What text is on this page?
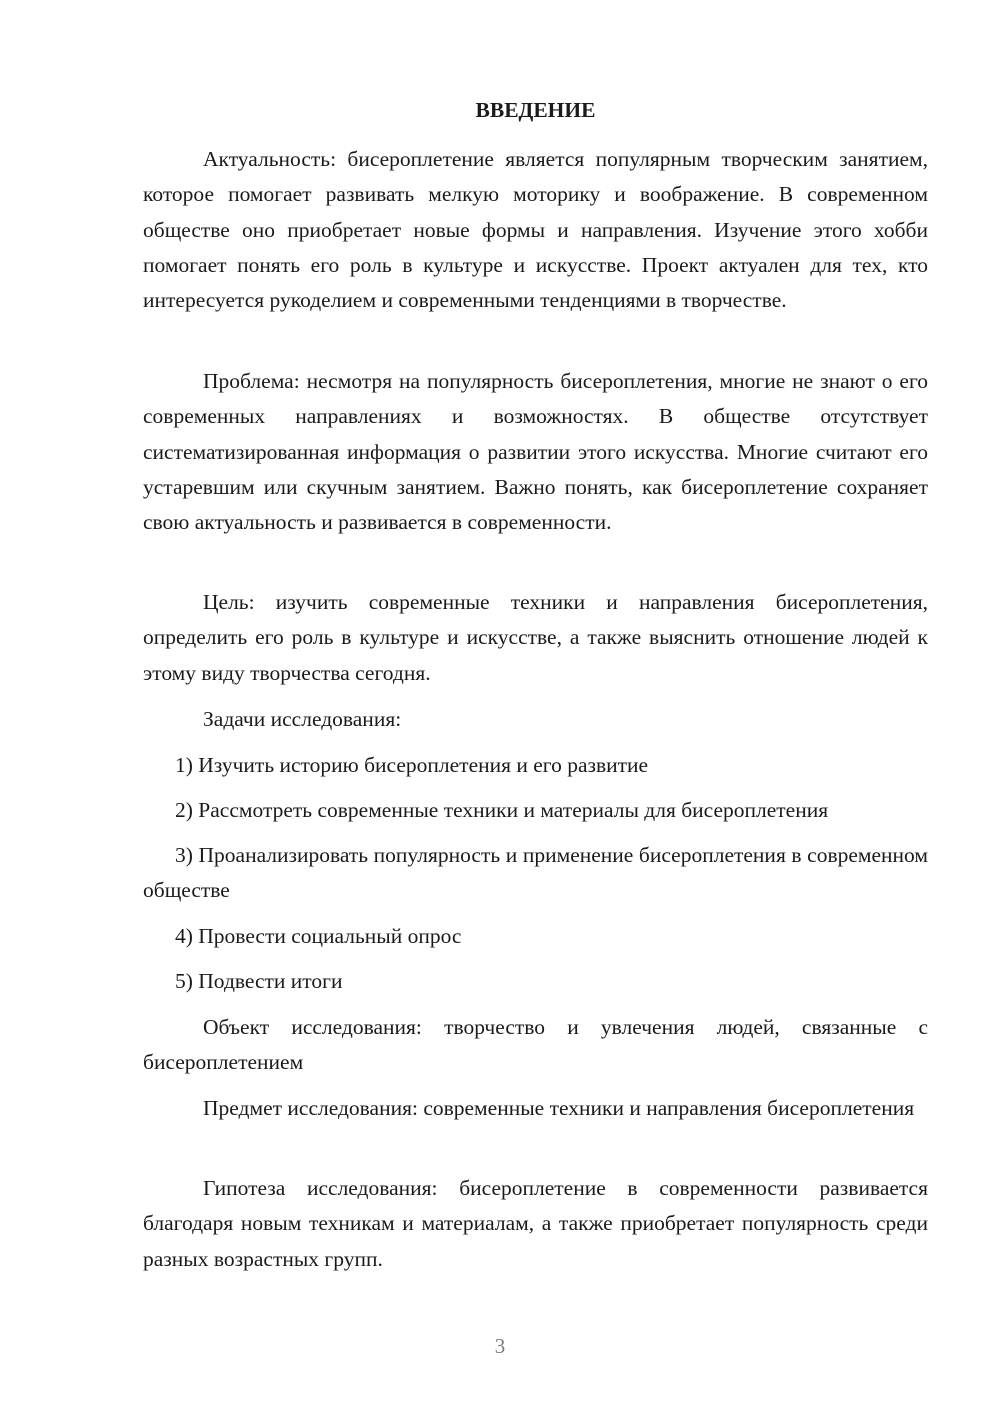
ВВЕДЕНИЕ

Актуальность: бисероплетение является популярным творческим занятием, которое помогает развивать мелкую моторику и воображение. В современном обществе оно приобретает новые формы и направления. Изучение этого хобби помогает понять его роль в культуре и искусстве. Проект актуален для тех, кто интересуется рукоделием и современными тенденциями в творчестве.

Проблема: несмотря на популярность бисероплетения, многие не знают о его современных направлениях и возможностях. В обществе отсутствует систематизированная информация о развитии этого искусства. Многие считают его устаревшим или скучным занятием. Важно понять, как бисероплетение сохраняет свою актуальность и развивается в современности.

Цель: изучить современные техники и направления бисероплетения, определить его роль в культуре и искусстве, а также выяснить отношение людей к этому виду творчества сегодня.

Задачи исследования:

1) Изучить историю бисероплетения и его развитие

2) Рассмотреть современные техники и материалы для бисероплетения

3) Проанализировать популярность и применение бисероплетения в современном обществе

4) Провести социальный опрос

5) Подвести итоги

Объект исследования: творчество и увлечения людей, связанные с бисероплетением

Предмет исследования: современные техники и направления бисероплетения

Гипотеза исследования: бисероплетение в современности развивается благодаря новым техникам и материалам, а также приобретает популярность среди разных возрастных групп.

3
